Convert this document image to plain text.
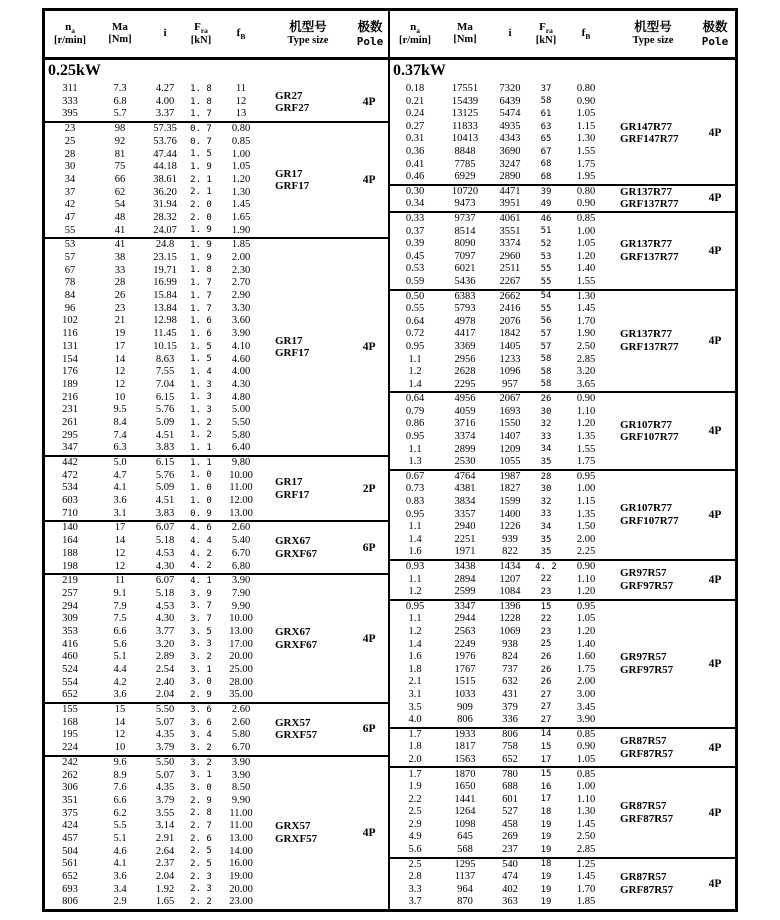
$n_a$
[r/min]
Ma
[Nm]
i
$F_{ra}$
[kN]
$f_B$
机型号
Type size
极数
Pole
0.25kW
311	7.3	4.27	1. 8	11
333	6.8	4.00	1. 8	12
395	5.7	3.37	1. 7	13
GR27
GRF27	4P
23	98	57.35	0. 7	0.80
25	92	53.76	0. 7	0.85
28	81	47.44	1. 5	1.00
30	75	44.18	1. 9	1.05
34	66	38.61	2. 1	1.20
37	62	36.20	2. 1	1.30
42	54	31.94	2. 0	1.45
47	48	28.32	2. 0	1.65
55	41	24.07	1. 9	1.90
GR17
GRF17	4P
53	41	24.8	1. 9	1.85
57	38	23.15	1. 9	2.00
67	33	19.71	1. 8	2.30
78	28	16.99	1. 7	2.70
84	26	15.84	1. 7	2.90
96	23	13.84	1. 7	3.30
102	21	12.98	1. 6	3.60
116	19	11.45	1. 6	3.90
131	17	10.15	1. 5	4.10
154	14	8.63	1. 5	4.60
176	12	7.55	1. 4	4.00
189	12	7.04	1. 3	4.30
216	10	6.15	1. 3	4.80
231	9.5	5.76	1. 3	5.00
261	8.4	5.09	1. 2	5.50
295	7.4	4.51	1. 2	5.80
347	6.3	3.83	1. 1	6.40
GR17
GRF17	4P
442	5.0	6.15	1. 1	9.80
472	4.7	5.76	1. 0	10.00
534	4.1	5.09	1. 0	11.00
603	3.6	4.51	1. 0	12.00
710	3.1	3.83	0. 9	13.00
GR17
GRF17	2P
140	17	6.07	4. 6	2.60
164	14	5.18	4. 4	5.40
188	12	4.53	4. 2	6.70
198	12	4.30	4. 2	6.80
GRX67
GRXF67	6P
219	11	6.07	4. 1	3.90
257	9.1	5.18	3. 9	7.90
294	7.9	4.53	3. 7	9.90
309	7.5	4.30	3. 7	10.00
353	6.6	3.77	3. 5	13.00
416	5.6	3.20	3. 3	17.00
460	5.1	2.89	3. 2	20.00
524	4.4	2.54	3. 1	25.00
554	4.2	2.40	3. 0	28.00
652	3.6	2.04	2. 9	35.00
GRX67
GRXF67	4P
155	15	5.50	3. 6	2.60
168	14	5.07	3. 6	2.60
195	12	4.35	3. 4	5.80
224	10	3.79	3. 2	6.70
GRX57
GRXF57	6P
242	9.6	5.50	3. 2	3.90
262	8.9	5.07	3. 1	3.90
306	7.6	4.35	3. 0	8.50
351	6.6	3.79	2. 9	9.90
375	6.2	3.55	2. 8	11.00
424	5.5	3.14	2. 7	11.00
457	5.1	2.91	2. 6	13.00
504	4.6	2.64	2. 5	14.00
561	4.1	2.37	2. 5	16.00
652	3.6	2.04	2. 3	19.00
693	3.4	1.92	2. 3	20.00
806	2.9	1.65	2. 2	23.00
GRX57
GRXF57	4P
$n_a$
[r/min]
Ma
[Nm]
i
$F_{ra}$
[kN]
$f_B$
机型号
Type size
极数
Pole
0.37kW
0.18	17551	7320	37	0.80
0.21	15439	6439	58	0.90
0.24	13125	5474	61	1.05
0.27	11833	4935	63	1.15
0.31	10413	4343	65	1.30
0.36	8848	3690	67	1.55
0.41	7785	3247	68	1.75
0.46	6929	2890	68	1.95
GR147R77
GRF147R77	4P
0.30	10720	4471	39	0.80
0.34	9473	3951	49	0.90
GR137R77
GRF137R77	4P
0.33	9737	4061	46	0.85
0.37	8514	3551	51	1.00
0.39	8090	3374	52	1.05
0.45	7097	2960	53	1.20
0.53	6021	2511	55	1.40
0.59	5436	2267	55	1.55
GR137R77
GRF137R77	4P
0.50	6383	2662	54	1.30
0.55	5793	2416	55	1.45
0.64	4978	2076	56	1.70
0.72	4417	1842	57	1.90
0.95	3369	1405	57	2.50
1.1	2956	1233	58	2.85
1.2	2628	1096	58	3.20
1.4	2295	957	58	3.65
GR137R77
GRF137R77	4P
0.64	4956	2067	26	0.90
0.79	4059	1693	30	1.10
0.86	3716	1550	32	1.20
0.95	3374	1407	33	1.35
1.1	2899	1209	34	1.55
1.3	2530	1055	35	1.75
GR107R77
GRF107R77	4P
0.67	4764	1987	28	0.95
0.73	4381	1827	30	1.00
0.83	3834	1599	32	1.15
0.95	3357	1400	33	1.35
1.1	2940	1226	34	1.50
1.4	2251	939	35	2.00
1.6	1971	822	35	2.25
GR107R77
GRF107R77	4P
0.93	3438	1434	4. 2	0.90
1.1	2894	1207	22	1.10
1.2	2599	1084	23	1.20
GR97R57
GRF97R57	4P
0.95	3347	1396	15	0.95
1.1	2944	1228	22	1.05
1.2	2563	1069	23	1.20
1.4	2249	938	25	1.40
1.6	1976	824	26	1.60
1.8	1767	737	26	1.75
2.1	1515	632	26	2.00
3.1	1033	431	27	3.00
3.5	909	379	27	3.45
4.0	806	336	27	3.90
GR97R57
GRF97R57	4P
1.7	1933	806	14	0.85
1.8	1817	758	15	0.90
2.0	1563	652	17	1.05
GR87R57
GRF87R57	4P
1.7	1870	780	15	0.85
1.9	1650	688	16	1.00
2.2	1441	601	17	1.10
2.5	1264	527	18	1.30
2.9	1098	458	19	1.45
4.9	645	269	19	2.50
5.6	568	237	19	2.85
GR87R57
GRF87R57	4P
2.5	1295	540	18	1.25
2.8	1137	474	19	1.45
3.3	964	402	19	1.70
3.7	870	363	19	1.85
GR87R57
GRF87R57	4P
